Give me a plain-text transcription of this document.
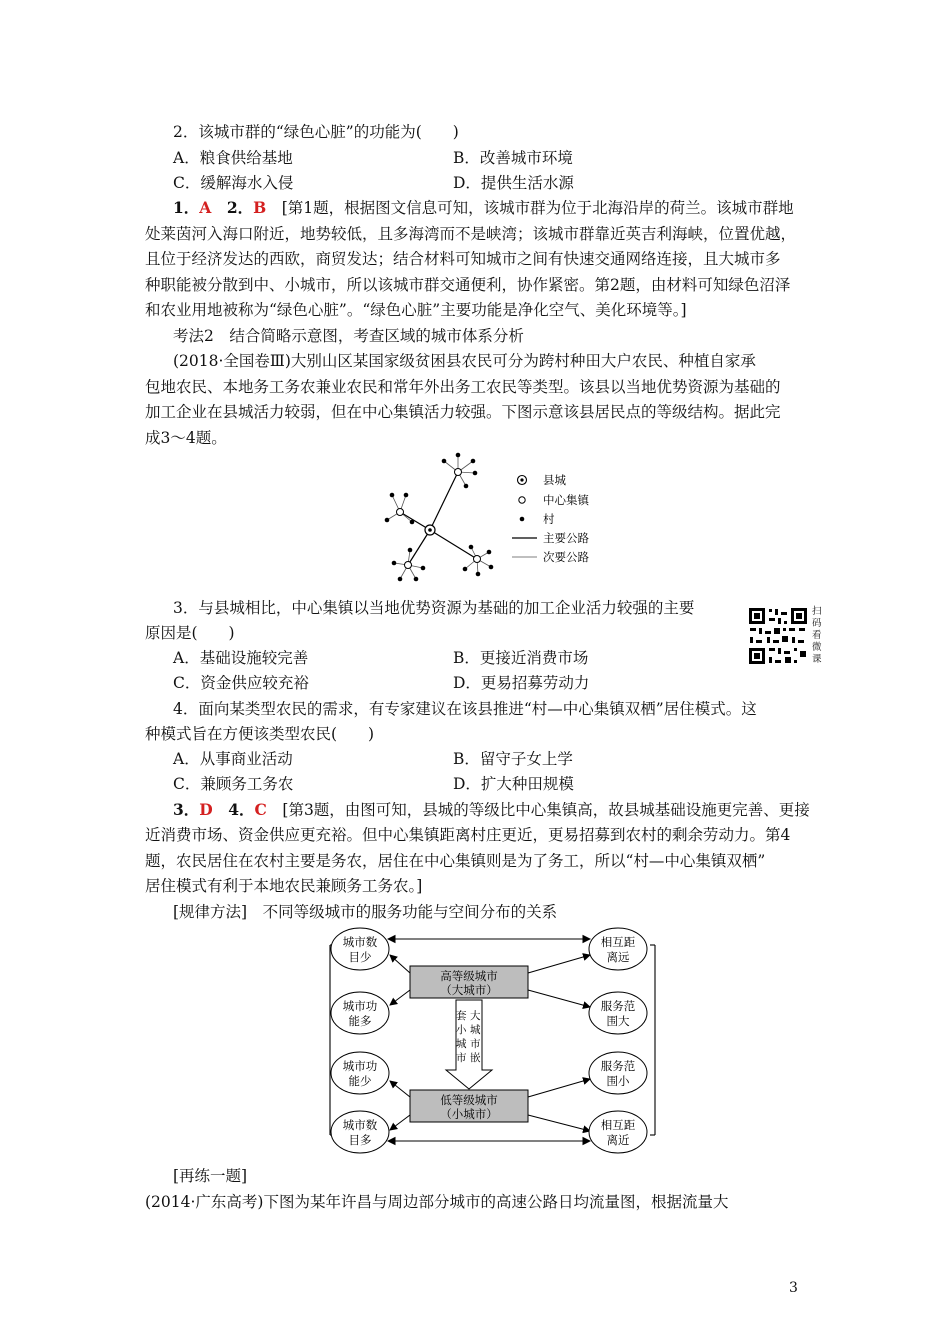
2．该城市群的“绿色心脏”的功能为(　　)
A．粮食供给基地	B．改善城市环境
C．缓解海水入侵	D．提供生活水源
1．A　2．B　[第1题，根据图文信息可知，该城市群为位于北海沿岸的荷兰。该城市群地
处莱茵河入海口附近，地势较低，且多海湾而不是峡湾；该城市群靠近英吉利海峡，位置优越，
且位于经济发达的西欧，商贸发达；结合材料可知城市之间有快速交通网络连接，且大城市多
种职能被分散到中、小城市，所以该城市群交通便利，协作紧密。第2题，由材料可知绿色沼泽
和农业用地被称为“绿色心脏”。“绿色心脏”主要功能是净化空气、美化环境等。]
考法2　结合简略示意图，考查区域的城市体系分析
(2018·全国卷Ⅲ)大别山区某国家级贫困县农民可分为跨村种田大户农民、种植自家承
包地农民、本地务工务农兼业农民和常年外出务工农民等类型。该县以当地优势资源为基础的
加工企业在县城活力较弱，但在中心集镇活力较强。下图示意该县居民点的等级结构。据此完
成3～4题。
县城
中心集镇
村
主要公路
次要公路
3．与县城相比，中心集镇以当地优势资源为基础的加工企业活力较强的主要
原因是(　　)
A．基础设施较完善	B．更接近消费市场
C．资金供应较充裕	D．更易招募劳动力
扫码看微课
4．面向某类型农民的需求，有专家建议在该县推进“村—中心集镇双栖”居住模式。这
种模式旨在方便该类型农民(　　)
A．从事商业活动	B．留守子女上学
C．兼顾务工务农	D．扩大种田规模
3．D　4．C　[第3题，由图可知，县城的等级比中心集镇高，故县城基础设施更完善、更接
近消费市场、资金供应更充裕。但中心集镇距离村庄更近，更易招募到农村的剩余劳动力。第4
题，农民居住在农村主要是务农，居住在中心集镇则是为了务工，所以“村—中心集镇双栖”
居住模式有利于本地农民兼顾务工务农。]
[规律方法]　不同等级城市的服务功能与空间分布的关系
高等级城市
（大城市）
低等级城市
（小城市）
大
套
城
小
市
城
嵌
市
城市数
目少
城市功
能多
城市功
能少
城市数
目多
相互距
离远
服务范
围大
服务范
围小
相互距
离近
[再练一题]
(2014·广东高考)下图为某年许昌与周边部分城市的高速公路日均流量图，根据流量大
3
